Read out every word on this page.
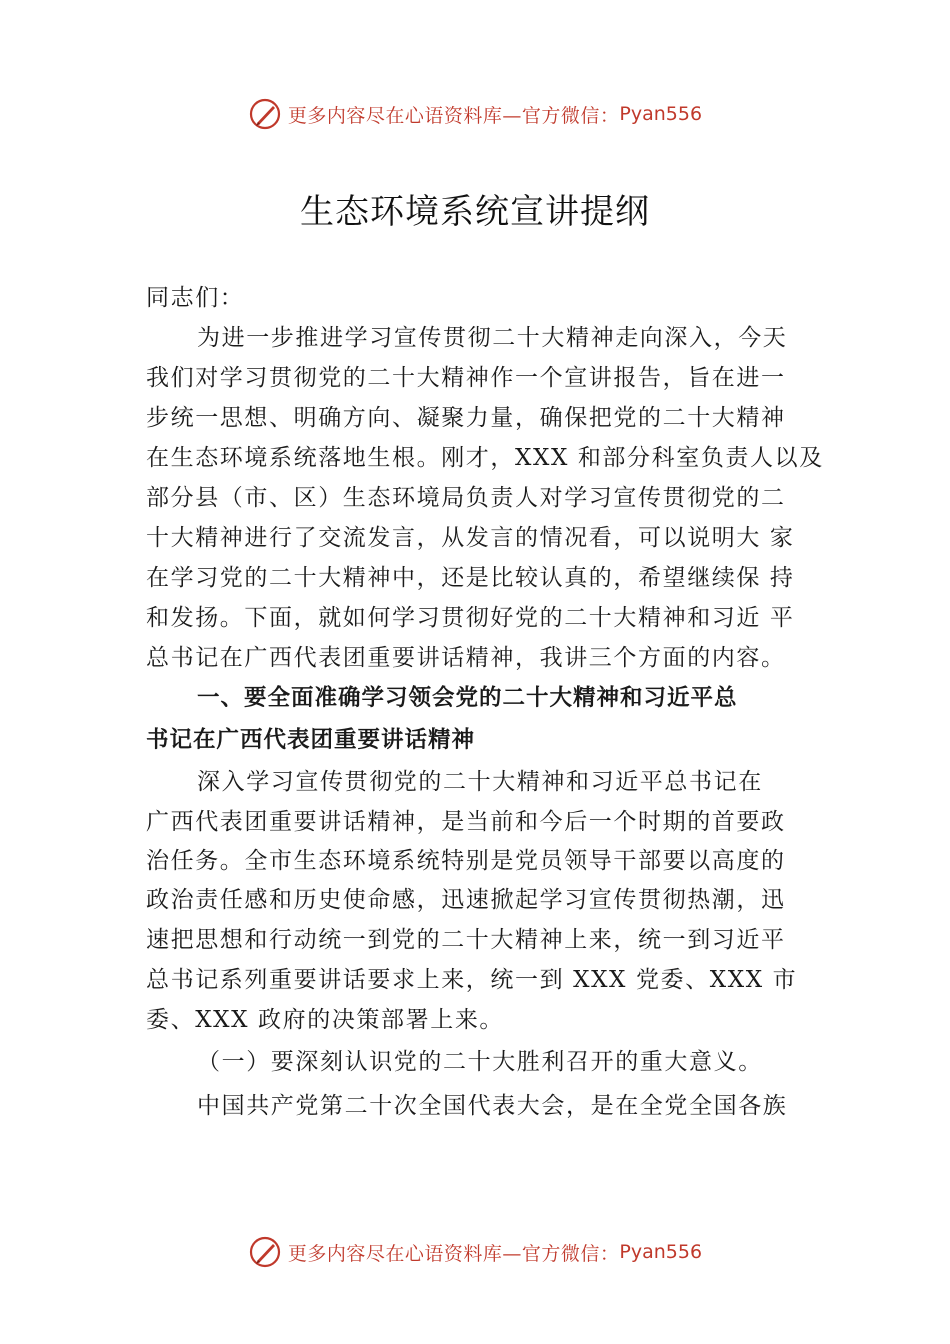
更多内容尽在心语资料库—官方微信： Pyan556
生态环境系统宣讲提纲
同志们：
为进一步推进学习宣传贯彻二十大精神走向深入，今天
我们对学习贯彻党的二十大精神作一个宣讲报告，旨在进一
步统一思想、明确方向、凝聚力量，确保把党的二十大精神
在生态环境系统落地生根。刚才，XXX 和部分科室负责人以及
部分县（市、区）生态环境局负责人对学习宣传贯彻党的二
十大精神进行了交流发言，从发言的情况看，可以说明大 家
在学习党的二十大精神中，还是比较认真的，希望继续保 持
和发扬。下面，就如何学习贯彻好党的二十大精神和习近 平
总书记在广西代表团重要讲话精神，我讲三个方面的内容。
一、要全面准确学习领会党的二十大精神和习近平总
书记在广西代表团重要讲话精神
深入学习宣传贯彻党的二十大精神和习近平总书记在
广西代表团重要讲话精神，是当前和今后一个时期的首要政
治任务。全市生态环境系统特别是党员领导干部要以高度的
政治责任感和历史使命感，迅速掀起学习宣传贯彻热潮，迅
速把思想和行动统一到党的二十大精神上来，统一到习近平
总书记系列重要讲话要求上来，统一到 XXX 党委、XXX 市
委、XXX 政府的决策部署上来。
（一）要深刻认识党的二十大胜利召开的重大意义。
中国共产党第二十次全国代表大会，是在全党全国各族
更多内容尽在心语资料库—官方微信： Pyan556
